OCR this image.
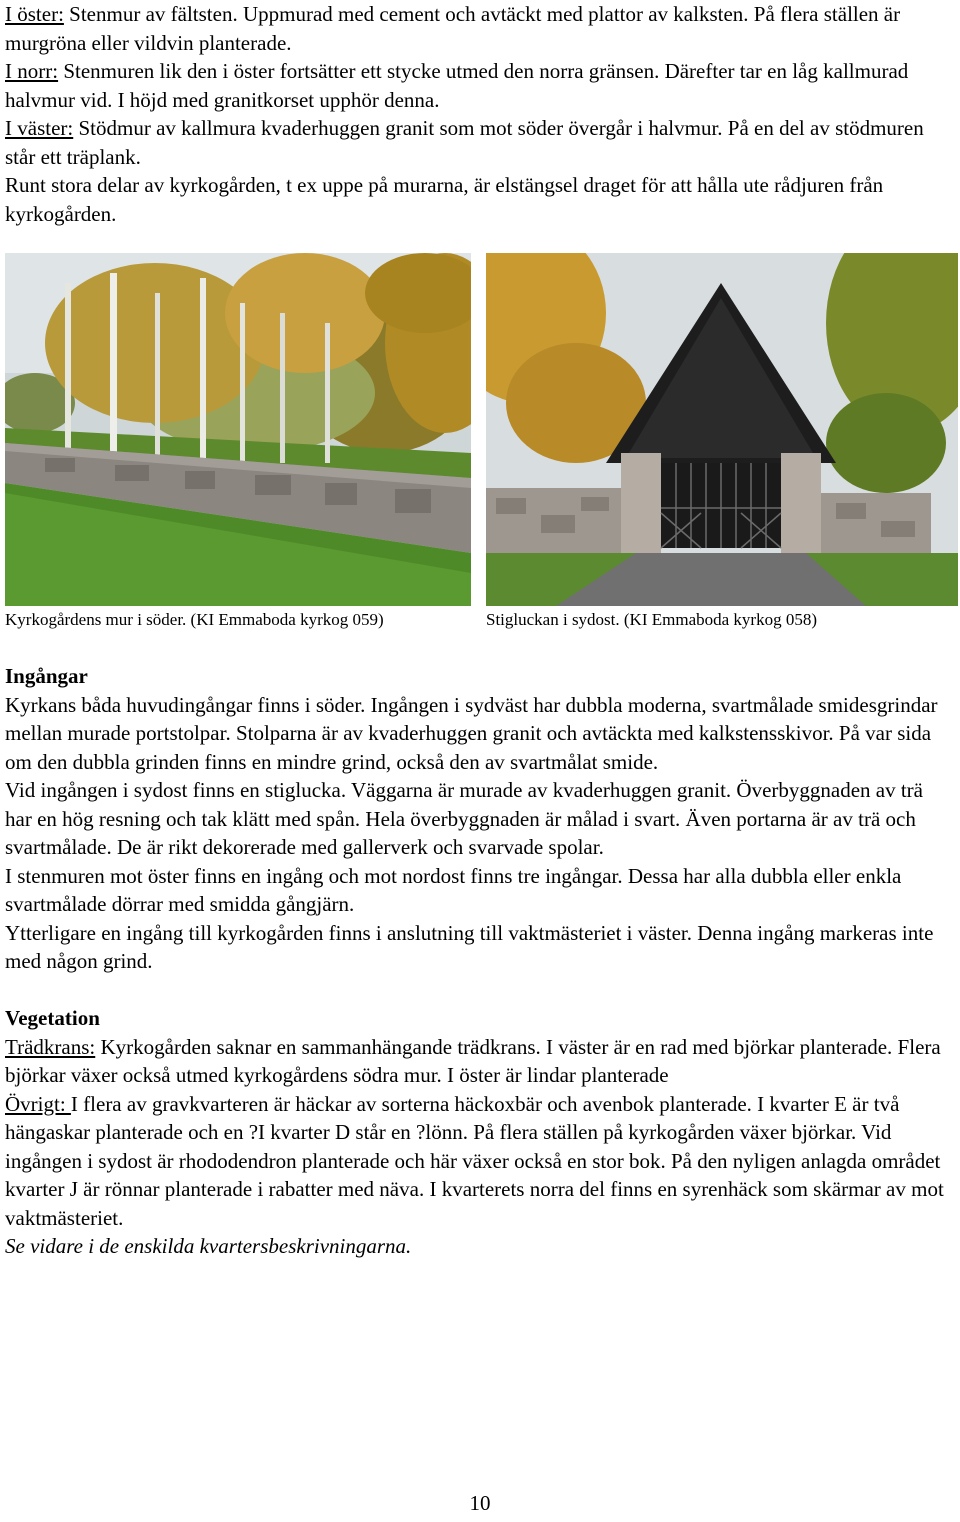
I öster: Stenmur av fältsten. Uppmurad med cement och avtäckt med plattor av kalksten. På flera ställen är murgröna eller vildvin planterade.

I norr: Stenmuren lik den i öster fortsätter ett stycke utmed den norra gränsen. Därefter tar en låg kallmurad halvmur vid. I höjd med granitkorset upphör denna.

I väster: Stödmur av kallmura kvaderhuggen granit som mot söder övergår i halvmur. På en del av stödmuren står ett träplank.

Runt stora delar av kyrkogården, t ex uppe på murarna, är elstängsel draget för att hålla ute rådjuren från kyrkogården.

Kyrkogårdens mur i söder. (KI Emmaboda kyrkog 059)	Stigluckan i sydost. (KI Emmaboda kyrkog 058)
Ingångar

Kyrkans båda huvudingångar finns i söder. Ingången i sydväst har dubbla moderna, svartmålade smidesgrindar mellan murade portstolpar. Stolparna är av kvaderhuggen granit och avtäckta med kalkstensskivor. På var sida om den dubbla grinden finns en mindre grind, också den av svartmålat smide.

Vid ingången i sydost finns en stiglucka. Väggarna är murade av kvaderhuggen granit. Överbyggnaden av trä har en hög resning och tak klätt med spån. Hela överbyggnaden är målad i svart. Även portarna är av trä och svartmålade. De är rikt dekorerade med gallerverk och svarvade spolar.

I stenmuren mot öster finns en ingång och mot nordost finns tre ingångar. Dessa har alla dubbla eller enkla svartmålade dörrar med smidda gångjärn.

Ytterligare en ingång till kyrkogården finns i anslutning till vaktmästeriet i väster. Denna ingång markeras inte med någon grind.

Vegetation

Trädkrans: Kyrkogården saknar en sammanhängande trädkrans. I väster är en rad med björkar planterade. Flera björkar växer också utmed kyrkogårdens södra mur. I öster är lindar planterade

Övrigt: I flera av gravkvarteren är häckar av sorterna häckoxbär och avenbok planterade. I kvarter E är två hängaskar planterade och en ?I kvarter D står en ?lönn. På flera ställen på kyrkogården växer björkar. Vid ingången i sydost är rhododendron planterade och här växer också en stor bok. På den nyligen anlagda området kvarter J är rönnar planterade i rabatter med näva. I kvarterets norra del finns en syrenhäck som skärmar av mot vaktmästeriet.

Se vidare i de enskilda kvartersbeskrivningarna.

10
